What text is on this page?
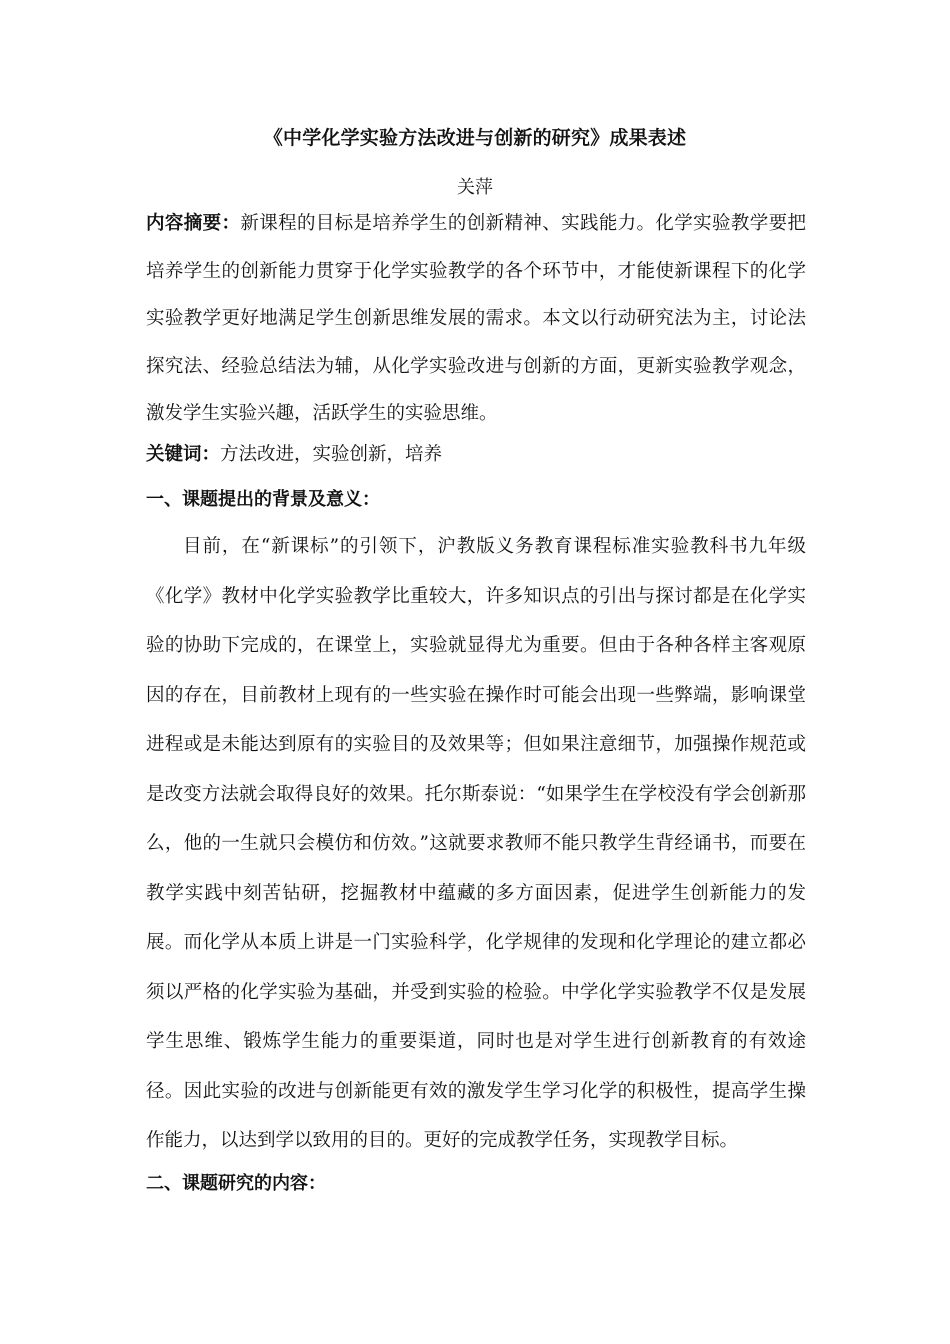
《中学化学实验方法改进与创新的研究》成果表述
关萍
内容摘要：新课程的目标是培养学生的创新精神、实践能力。化学实验教学要把培养学生的创新能力贯穿于化学实验教学的各个环节中，才能使新课程下的化学实验教学更好地满足学生创新思维发展的需求。本文以行动研究法为主，讨论法探究法、经验总结法为辅，从化学实验改进与创新的方面，更新实验教学观念，激发学生实验兴趣，活跃学生的实验思维。
关键词：方法改进，实验创新，培养
一、课题提出的背景及意义：
目前，在“新课标”的引领下，沪教版义务教育课程标准实验教科书九年级《化学》教材中化学实验教学比重较大，许多知识点的引出与探讨都是在化学实验的协助下完成的，在课堂上，实验就显得尤为重要。但由于各种各样主客观原因的存在，目前教材上现有的一些实验在操作时可能会出现一些弊端，影响课堂进程或是未能达到原有的实验目的及效果等；但如果注意细节，加强操作规范或是改变方法就会取得良好的效果。托尔斯泰说：“如果学生在学校没有学会创新那么，他的一生就只会模仿和仿效。”这就要求教师不能只教学生背经诵书，而要在教学实践中刻苦钻研，挖掘教材中蕴藏的多方面因素，促进学生创新能力的发展。而化学从本质上讲是一门实验科学，化学规律的发现和化学理论的建立都必须以严格的化学实验为基础，并受到实验的检验。中学化学实验教学不仅是发展学生思维、锻炼学生能力的重要渠道，同时也是对学生进行创新教育的有效途径。因此实验的改进与创新能更有效的激发学生学习化学的积极性，提高学生操作能力，以达到学以致用的目的。更好的完成教学任务，实现教学目标。
二、课题研究的内容：
